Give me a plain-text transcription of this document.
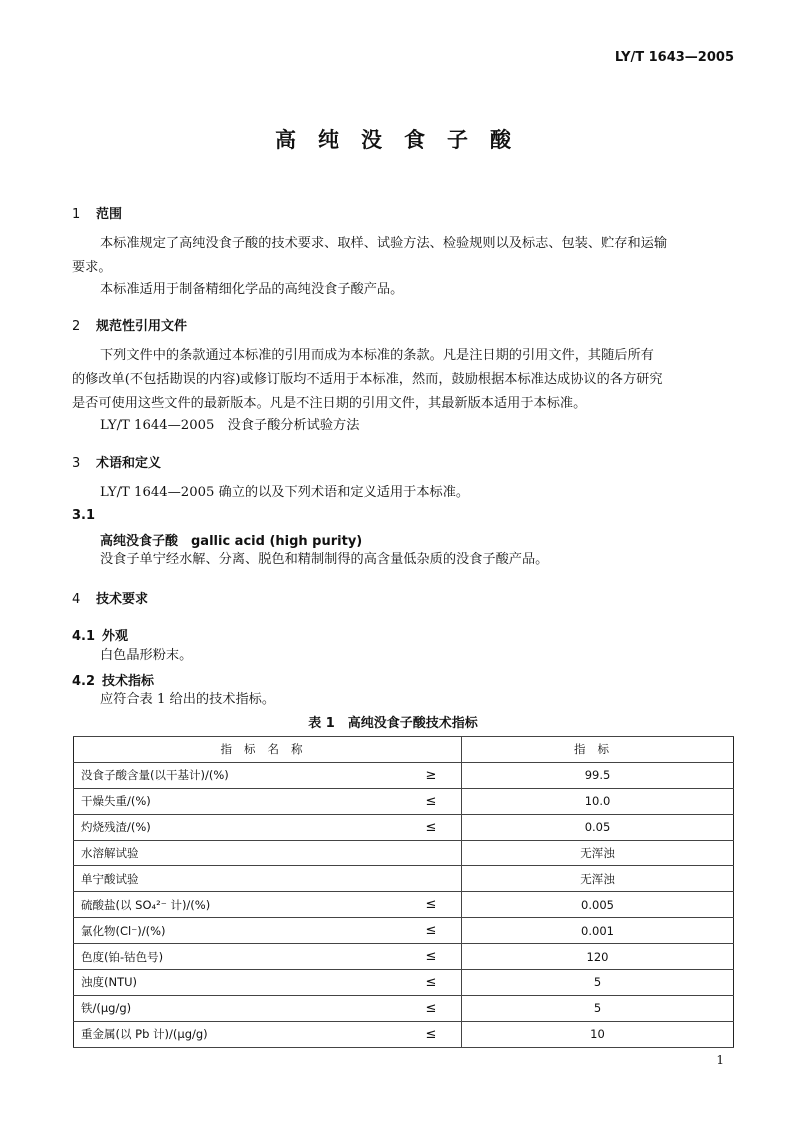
LY/T 1643—2005
高纯没食子酸
1 范围
本标准规定了高纯没食子酸的技术要求、取样、试验方法、检验规则以及标志、包装、贮存和运输
要求。
本标准适用于制备精细化学品的高纯没食子酸产品。
2 规范性引用文件
下列文件中的条款通过本标准的引用而成为本标准的条款。凡是注日期的引用文件，其随后所有
的修改单(不包括勘误的内容)或修订版均不适用于本标准，然而，鼓励根据本标准达成协议的各方研究
是否可使用这些文件的最新版本。凡是不注日期的引用文件，其最新版本适用于本标准。
LY/T 1644—2005　没食子酸分析试验方法
3 术语和定义
LY/T 1644—2005 确立的以及下列术语和定义适用于本标准。
3.1
高纯没食子酸　gallic acid (high purity)
没食子单宁经水解、分离、脱色和精制制得的高含量低杂质的没食子酸产品。
4 技术要求
4.1 外观
白色晶形粉末。
4.2 技术指标
应符合表 1 给出的技术指标。
表 1　高纯没食子酸技术指标
指标名称		指标
没食子酸含量(以干基计)/(%)	≥	99.5
干燥失重/(%)	≤	10.0
灼烧残渣/(%)	≤	0.05
水溶解试验		无浑浊
单宁酸试验		无浑浊
硫酸盐(以 SO₄²⁻ 计)/(%)	≤	0.005
氯化物(Cl⁻)/(%)	≤	0.001
色度(铂-钴色号)	≤	120
浊度(NTU)	≤	5
铁/(μg/g)	≤	5
重金属(以 Pb 计)/(μg/g)	≤	10
1
